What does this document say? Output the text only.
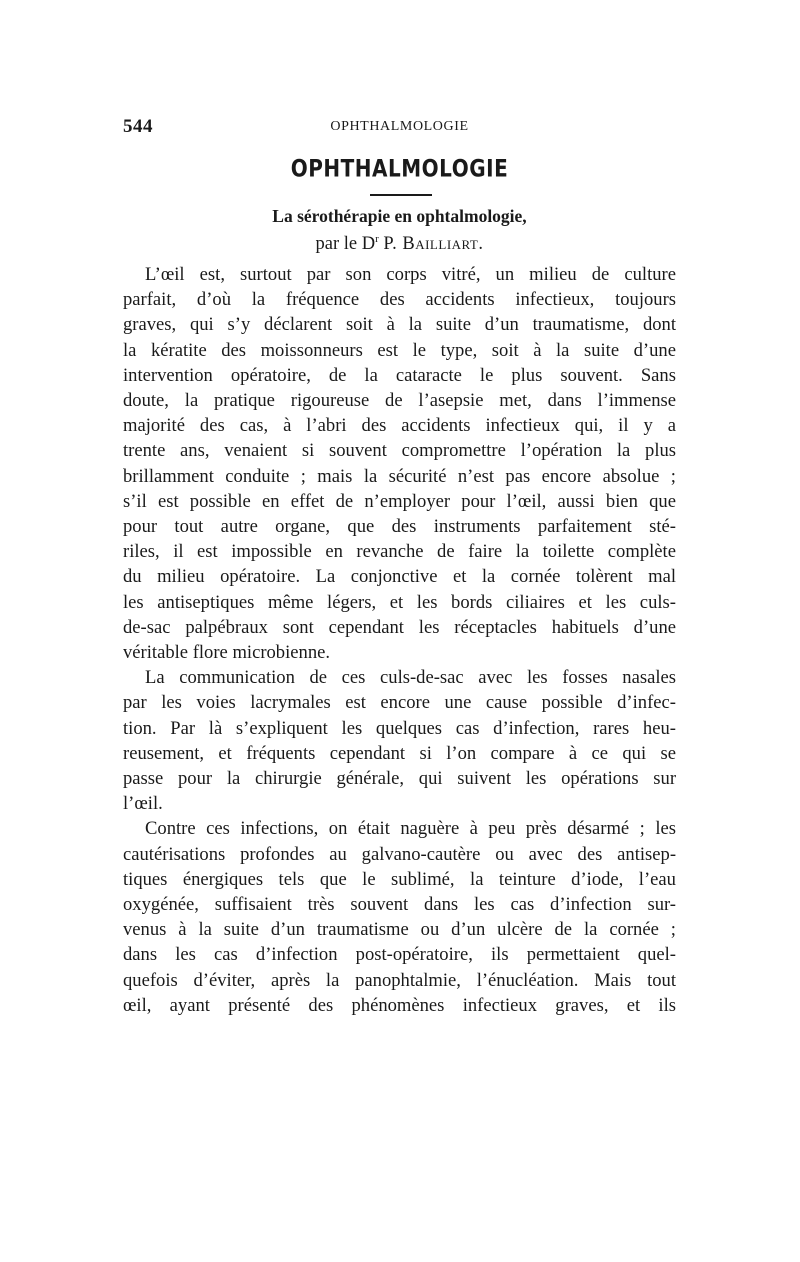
544	OPHTHALMOLOGIE
OPHTHALMOLOGIE
La sérothérapie en ophtalmologie,
par le $D^r$ P. Bailliart.
L’œil est, surtout par son corps vitré, un milieu de culture
parfait, d’où la fréquence des accidents infectieux, toujours
graves, qui s’y déclarent soit à la suite d’un traumatisme, dont
la kératite des moissonneurs est le type, soit à la suite d’une
intervention opératoire, de la cataracte le plus souvent. Sans
doute, la pratique rigoureuse de l’asepsie met, dans l’immense
majorité des cas, à l’abri des accidents infectieux qui, il y a
trente ans, venaient si souvent compromettre l’opération la plus
brillamment conduite ; mais la sécurité n’est pas encore absolue ;
s’il est possible en effet de n’employer pour l’œil, aussi bien que
pour tout autre organe, que des instruments parfaitement sté-
riles, il est impossible en revanche de faire la toilette complète
du milieu opératoire. La conjonctive et la cornée tolèrent mal
les antiseptiques même légers, et les bords ciliaires et les culs-
de-sac palpébraux sont cependant les réceptacles habituels d’une
véritable flore microbienne.
La communication de ces culs-de-sac avec les fosses nasales
par les voies lacrymales est encore une cause possible d’infec-
tion. Par là s’expliquent les quelques cas d’infection, rares heu-
reusement, et fréquents cependant si l’on compare à ce qui se
passe pour la chirurgie générale, qui suivent les opérations sur
l’œil.
Contre ces infections, on était naguère à peu près désarmé ; les
cautérisations profondes au galvano-cautère ou avec des antisep-
tiques énergiques tels que le sublimé, la teinture d’iode, l’eau
oxygénée, suffisaient très souvent dans les cas d’infection sur-
venus à la suite d’un traumatisme ou d’un ulcère de la cornée ;
dans les cas d’infection post-opératoire, ils permettaient quel-
quefois d’éviter, après la panophtalmie, l’énucléation. Mais tout
œil, ayant présenté des phénomènes infectieux graves, et ils
